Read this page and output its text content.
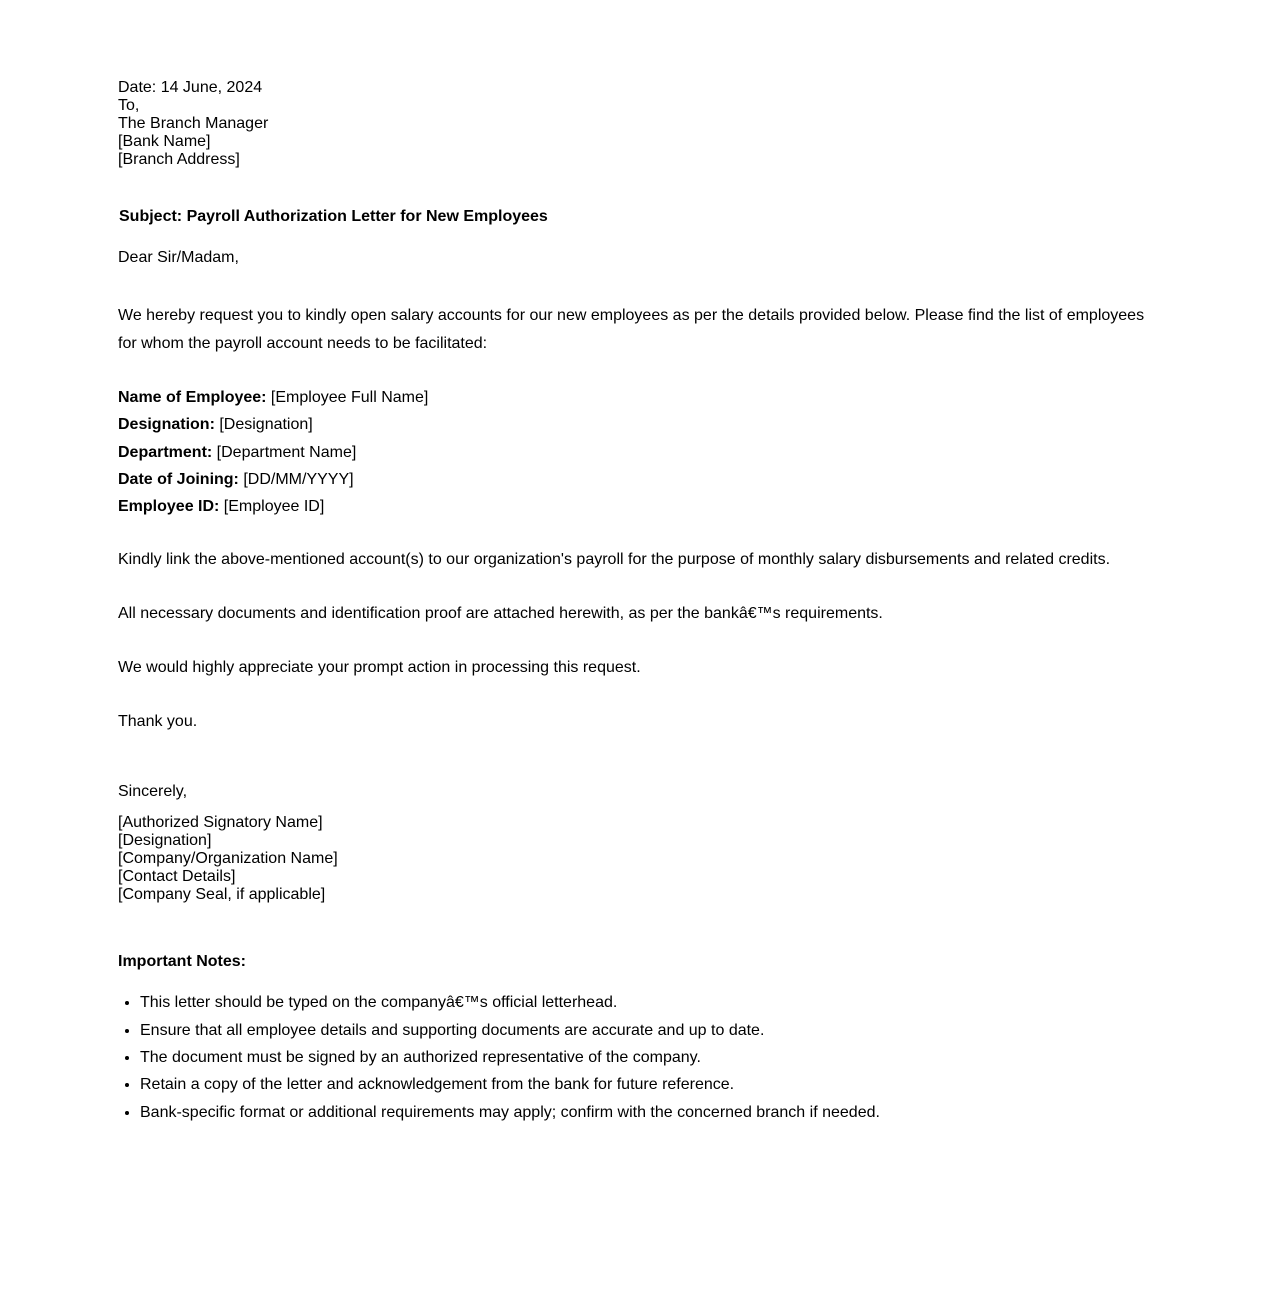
Date: 14 June, 2024
To,
The Branch Manager
[Bank Name]
[Branch Address]
Subject: Payroll Authorization Letter for New Employees
Dear Sir/Madam,
We hereby request you to kindly open salary accounts for our new employees as per the details provided below. Please find the list of employees for whom the payroll account needs to be facilitated:
Name of Employee: [Employee Full Name]
Designation: [Designation]
Department: [Department Name]
Date of Joining: [DD/MM/YYYY]
Employee ID: [Employee ID]
Kindly link the above-mentioned account(s) to our organization's payroll for the purpose of monthly salary disbursements and related credits.
All necessary documents and identification proof are attached herewith, as per the bankâ€™s requirements.
We would highly appreciate your prompt action in processing this request.
Thank you.
Sincerely,
[Authorized Signatory Name]
[Designation]
[Company/Organization Name]
[Contact Details]
[Company Seal, if applicable]
Important Notes:
• This letter should be typed on the companyâ€™s official letterhead.
• Ensure that all employee details and supporting documents are accurate and up to date.
• The document must be signed by an authorized representative of the company.
• Retain a copy of the letter and acknowledgement from the bank for future reference.
• Bank-specific format or additional requirements may apply; confirm with the concerned branch if needed.
